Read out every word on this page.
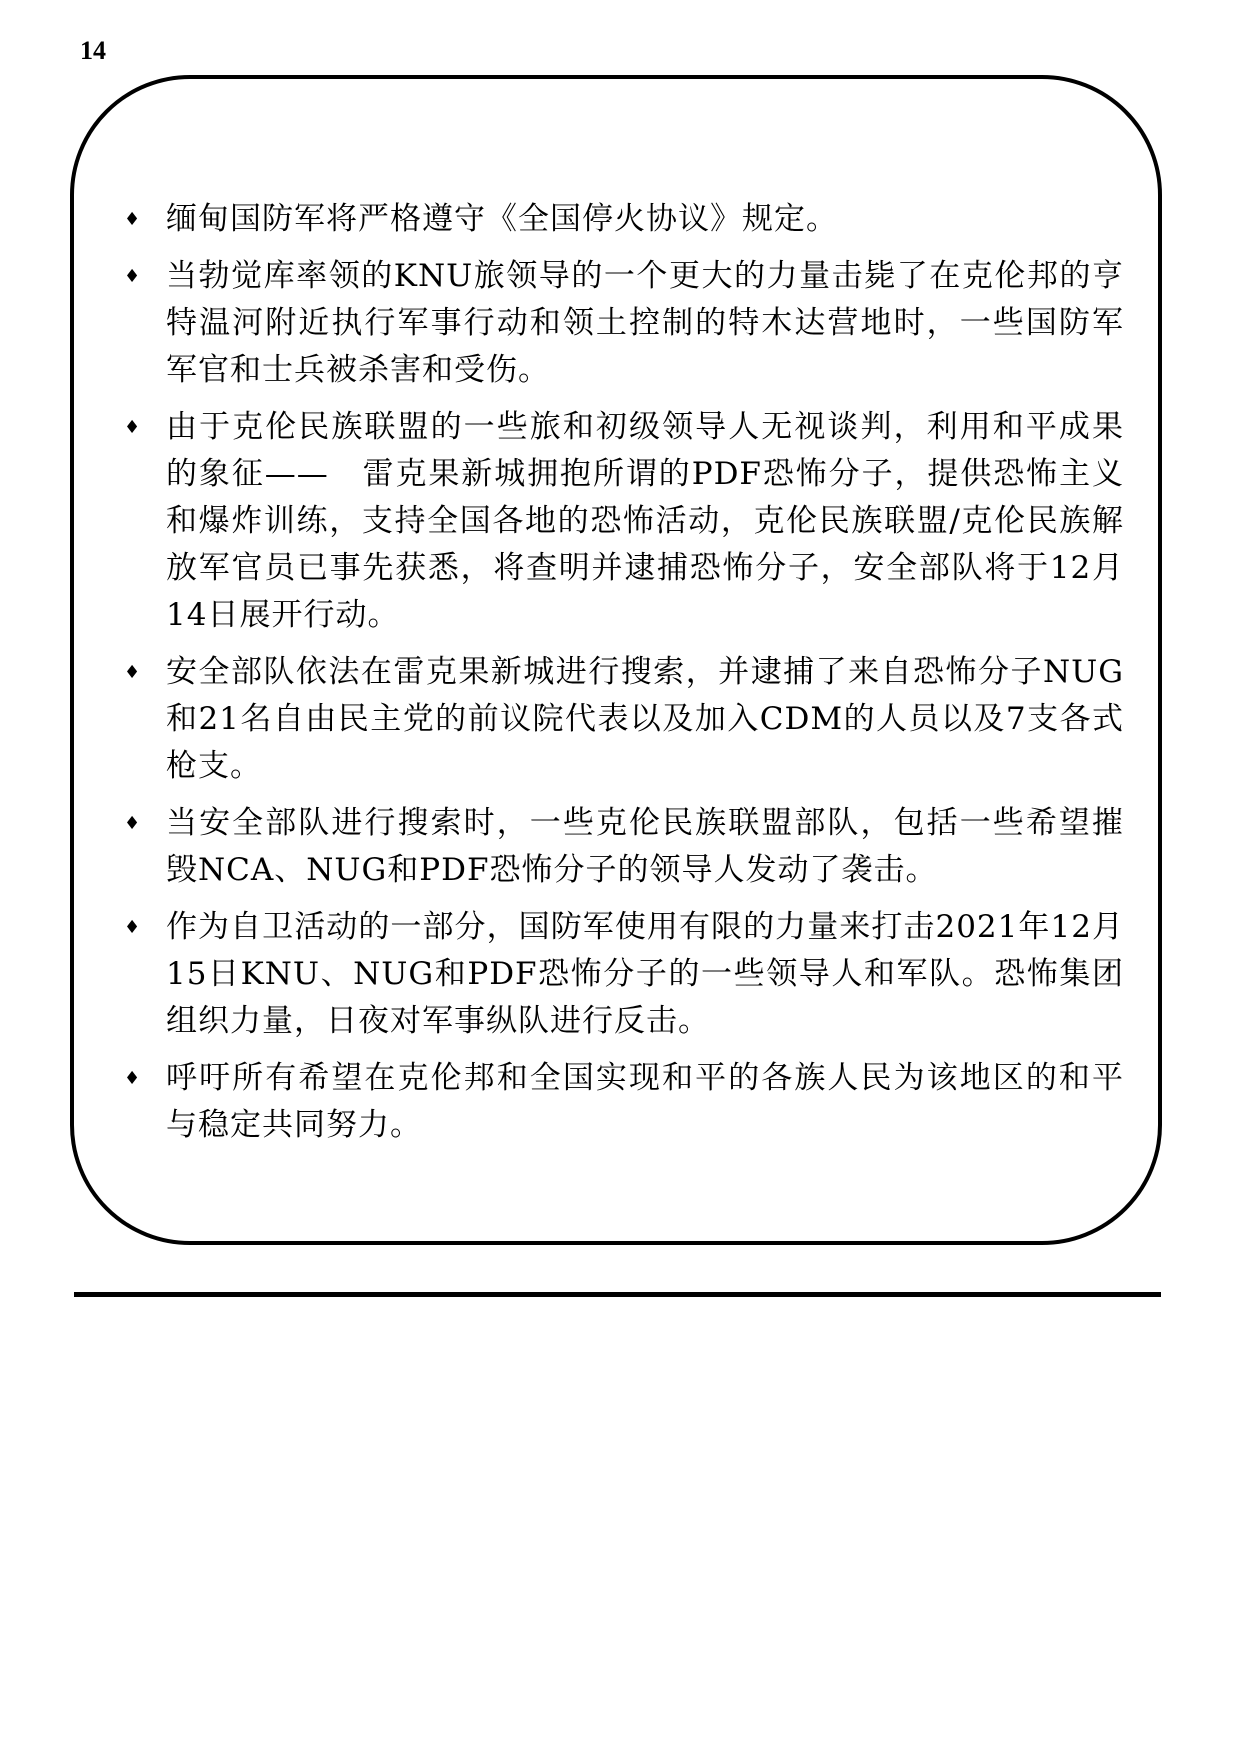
14
♦ 缅甸国防军将严格遵守《全国停火协议》规定。
♦ 当勃觉库率领的KNU旅领导的一个更大的力量击毙了在克伦邦的亨特温河附近执行军事行动和领土控制的特木达营地时，一些国防军军官和士兵被杀害和受伤。
♦ 由于克伦民族联盟的一些旅和初级领导人无视谈判，利用和平成果的象征——　雷克果新城拥抱所谓的PDF恐怖分子，提供恐怖主义和爆炸训练，支持全国各地的恐怖活动，克伦民族联盟/克伦民族解放军官员已事先获悉，将查明并逮捕恐怖分子，安全部队将于12月14日展开行动。
♦ 安全部队依法在雷克果新城进行搜索，并逮捕了来自恐怖分子NUG和21名自由民主党的前议院代表以及加入CDM的人员以及7支各式枪支。
♦ 当安全部队进行搜索时，一些克伦民族联盟部队，包括一些希望摧毁NCA、NUG和PDF恐怖分子的领导人发动了袭击。
♦ 作为自卫活动的一部分，国防军使用有限的力量来打击2021年12月15日KNU、NUG和PDF恐怖分子的一些领导人和军队。恐怖集团组织力量，日夜对军事纵队进行反击。
♦ 呼吁所有希望在克伦邦和全国实现和平的各族人民为该地区的和平与稳定共同努力。
